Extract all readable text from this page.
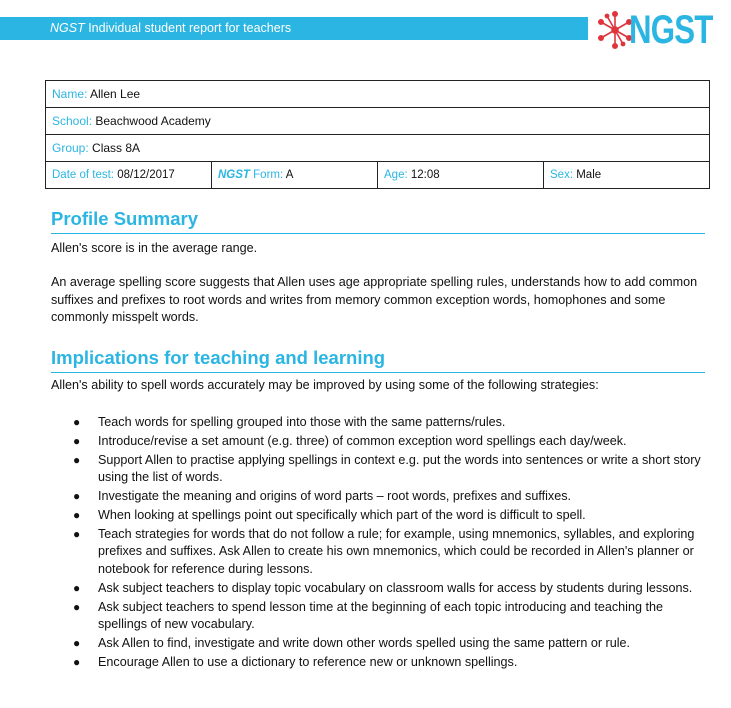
NGST Individual student report for teachers	NGST
Name: Allen Lee
School: Beachwood Academy
Group: Class 8A
Date of test: 08/12/2017	NGST Form: A	Age: 12:08	Sex: Male
Profile Summary
Allen's score is in the average range.
An average spelling score suggests that Allen uses age appropriate spelling rules, understands how to add common suffixes and prefixes to root words and writes from memory common exception words, homophones and some commonly misspelt words.
Implications for teaching and learning
Allen's ability to spell words accurately may be improved by using some of the following strategies:
● Teach words for spelling grouped into those with the same patterns/rules.
● Introduce/revise a set amount (e.g. three) of common exception word spellings each day/week.
● Support Allen to practise applying spellings in context e.g. put the words into sentences or write a short story using the list of words.
● Investigate the meaning and origins of word parts – root words, prefixes and suffixes.
● When looking at spellings point out specifically which part of the word is difficult to spell.
● Teach strategies for words that do not follow a rule; for example, using mnemonics, syllables, and exploring prefixes and suffixes. Ask Allen to create his own mnemonics, which could be recorded in Allen's planner or notebook for reference during lessons.
● Ask subject teachers to display topic vocabulary on classroom walls for access by students during lessons.
● Ask subject teachers to spend lesson time at the beginning of each topic introducing and teaching the spellings of new vocabulary.
● Ask Allen to find, investigate and write down other words spelled using the same pattern or rule.
● Encourage Allen to use a dictionary to reference new or unknown spellings.
